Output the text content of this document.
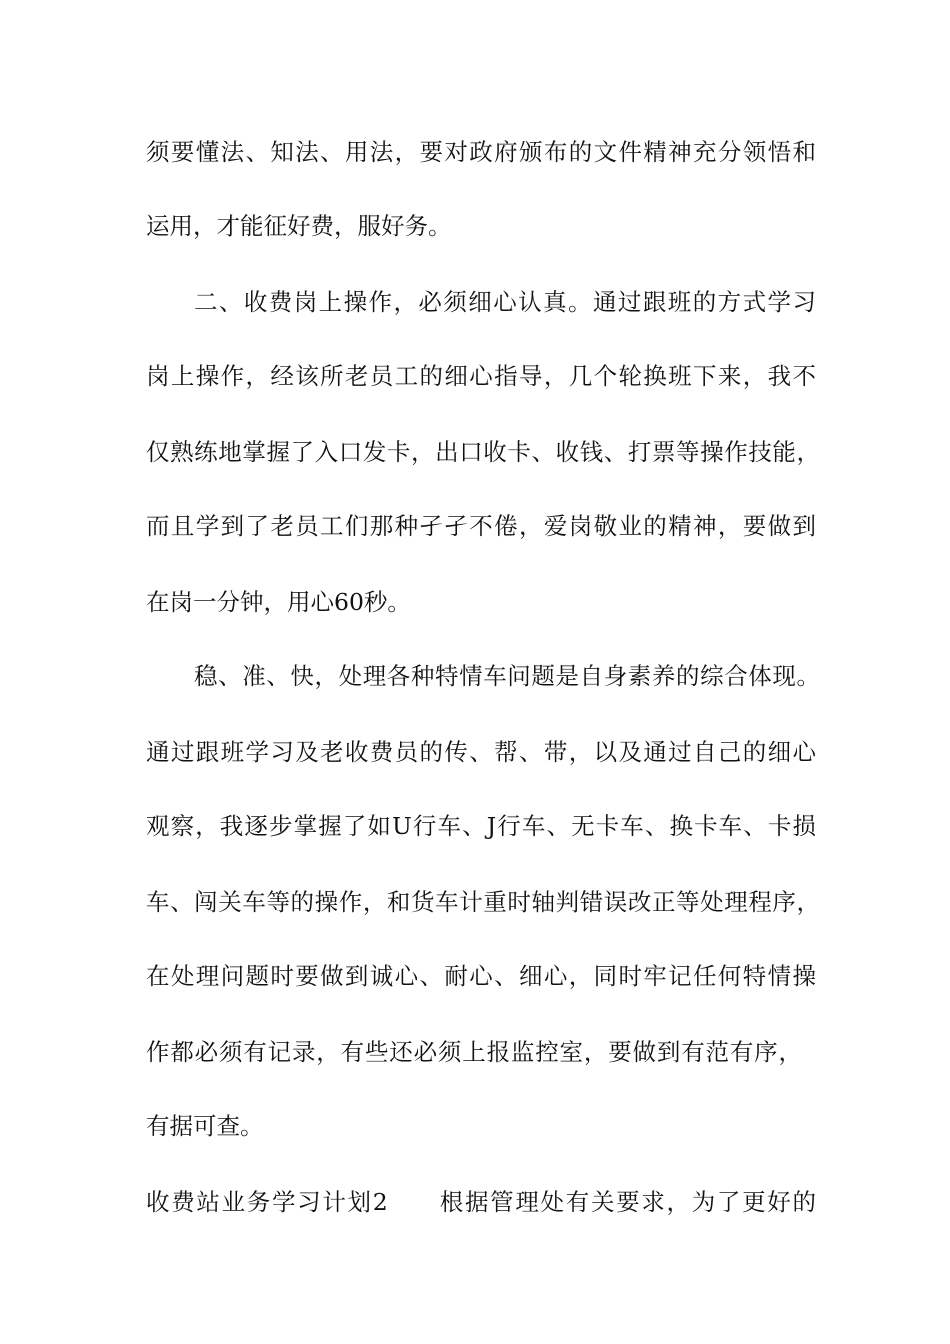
须要懂法、知法、用法，要对政府颁布的文件精神充分领悟和
运用，才能征好费，服好务。
二、收费岗上操作，必须细心认真。通过跟班的方式学习
岗上操作，经该所老员工的细心指导，几个轮换班下来，我不
仅熟练地掌握了入口发卡，出口收卡、收钱、打票等操作技能，
而且学到了老员工们那种孑孑不倦，爱岗敬业的精神，要做到
在岗一分钟，用心60秒。
稳、准、快，处理各种特情车问题是自身素养的综合体现。
通过跟班学习及老收费员的传、帮、带，以及通过自己的细心
观察，我逐步掌握了如U行车、J行车、无卡车、换卡车、卡损
车、闯关车等的操作，和货车计重时轴判错误改正等处理程序，
在处理问题时要做到诚心、耐心、细心，同时牢记任何特情操
作都必须有记录，有些还必须上报监控室，要做到有范有序，
有据可查。
收费站业务学习计划2　　根据管理处有关要求，为了更好的
